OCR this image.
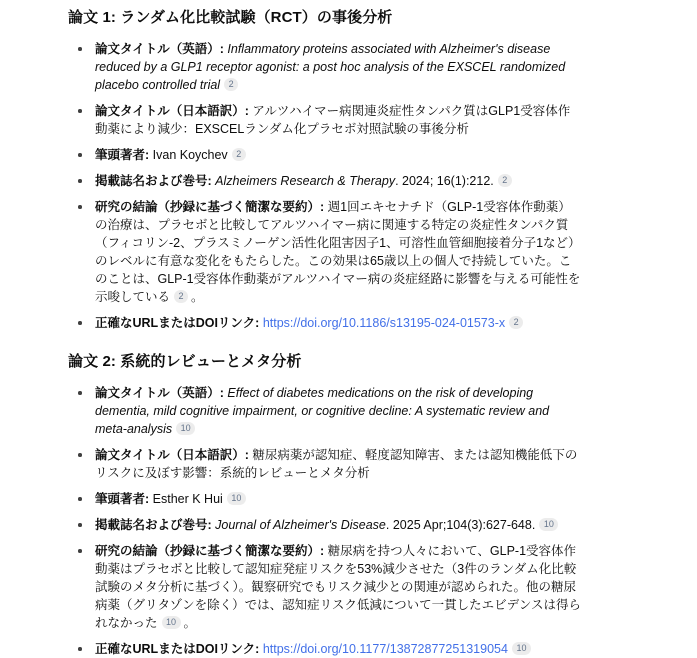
論文 1: ランダム化比較試験（RCT）の事後分析
論文タイトル（英語）: Inflammatory proteins associated with Alzheimer's disease reduced by a GLP1 receptor agonist: a post hoc analysis of the EXSCEL randomized placebo controlled trial 2
論文タイトル（日本語訳）: アルツハイマー病関連炎症性タンパク質はGLP1受容体作動薬により減少：EXSCELランダム化プラセボ対照試験の事後分析
筆頭著者: Ivan Koychev 2
掲載誌名および巻号: Alzheimers Research & Therapy. 2024; 16(1):212. 2
研究の結論（抄録に基づく簡潔な要約）: 週1回エキセナチド（GLP-1受容体作動薬）の治療は、プラセボと比較してアルツハイマー病に関連する特定の炎症性タンパク質（フィコリン-2、プラスミノーゲン活性化阻害因子1、可溶性血管細胞接着分子1など）のレベルに有意な変化をもたらした。この効果は65歳以上の個人で持続していた。このことは、GLP-1受容体作動薬がアルツハイマー病の炎症経路に影響を与える可能性を示唆している 2 。
正確なURLまたはDOIリンク: https://doi.org/10.1186/s13195-024-01573-x 2
論文 2: 系統的レビューとメタ分析
論文タイトル（英語）: Effect of diabetes medications on the risk of developing dementia, mild cognitive impairment, or cognitive decline: A systematic review and meta-analysis 10
論文タイトル（日本語訳）: 糖尿病薬が認知症、軽度認知障害、または認知機能低下のリスクに及ぼす影響：系統的レビューとメタ分析
筆頭著者: Esther K Hui 10
掲載誌名および巻号: Journal of Alzheimer's Disease. 2025 Apr;104(3):627-648. 10
研究の結論（抄録に基づく簡潔な要約）: 糖尿病を持つ人々において、GLP-1受容体作動薬はプラセボと比較して認知症発症リスクを53%減少させた（3件のランダム化比較試験のメタ分析に基づく）。観察研究でもリスク減少との関連が認められた。他の糖尿病薬（グリタゾンを除く）では、認知症リスク低減について一貫したエビデンスは得られなかった 10 。
正確なURLまたはDOIリンク: https://doi.org/10.1177/13872877251319054 10
